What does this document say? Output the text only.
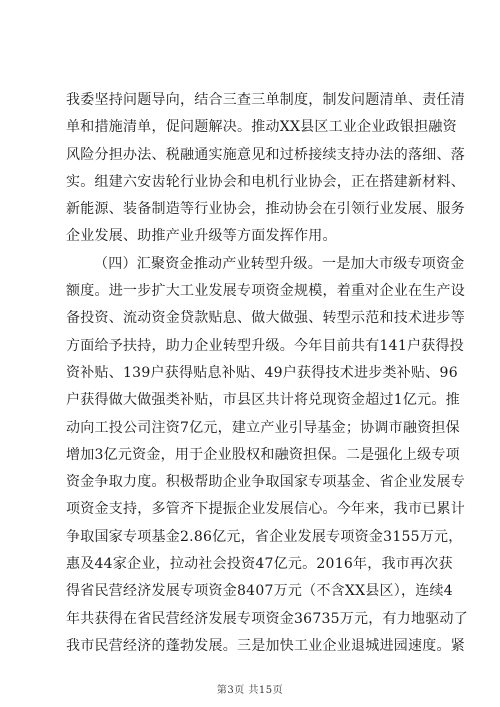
我委坚持问题导向，结合三查三单制度，制发问题清单、责任清
单和措施清单，促问题解决。推动XX县区工业企业政银担融资
风险分担办法、税融通实施意见和过桥接续支持办法的落细、落
实。组建六安齿轮行业协会和电机行业协会，正在搭建新材料、
新能源、装备制造等行业协会，推动协会在引领行业发展、服务
企业发展、助推产业升级等方面发挥作用。
（四）汇聚资金推动产业转型升级。一是加大市级专项资金
额度。进一步扩大工业发展专项资金规模，着重对企业在生产设
备投资、流动资金贷款贴息、做大做强、转型示范和技术进步等
方面给予扶持，助力企业转型升级。今年目前共有141户获得投
资补贴、139户获得贴息补贴、49户获得技术进步类补贴、96
户获得做大做强类补贴，市县区共计将兑现资金超过1亿元。推
动向工投公司注资7亿元，建立产业引导基金；协调市融资担保
增加3亿元资金，用于企业股权和融资担保。二是强化上级专项
资金争取力度。积极帮助企业争取国家专项基金、省企业发展专
项资金支持，多管齐下提振企业发展信心。今年来，我市已累计
争取国家专项基金2.86亿元，省企业发展专项资金3155万元，
惠及44家企业，拉动社会投资47亿元。2016年，我市再次获
得省民营经济发展专项资金8407万元（不含XX县区），连续4
年共获得在省民营经济发展专项资金36735万元，有力地驱动了
我市民营经济的蓬勃发展。三是加快工业企业退城进园速度。紧
第3页 共15页
